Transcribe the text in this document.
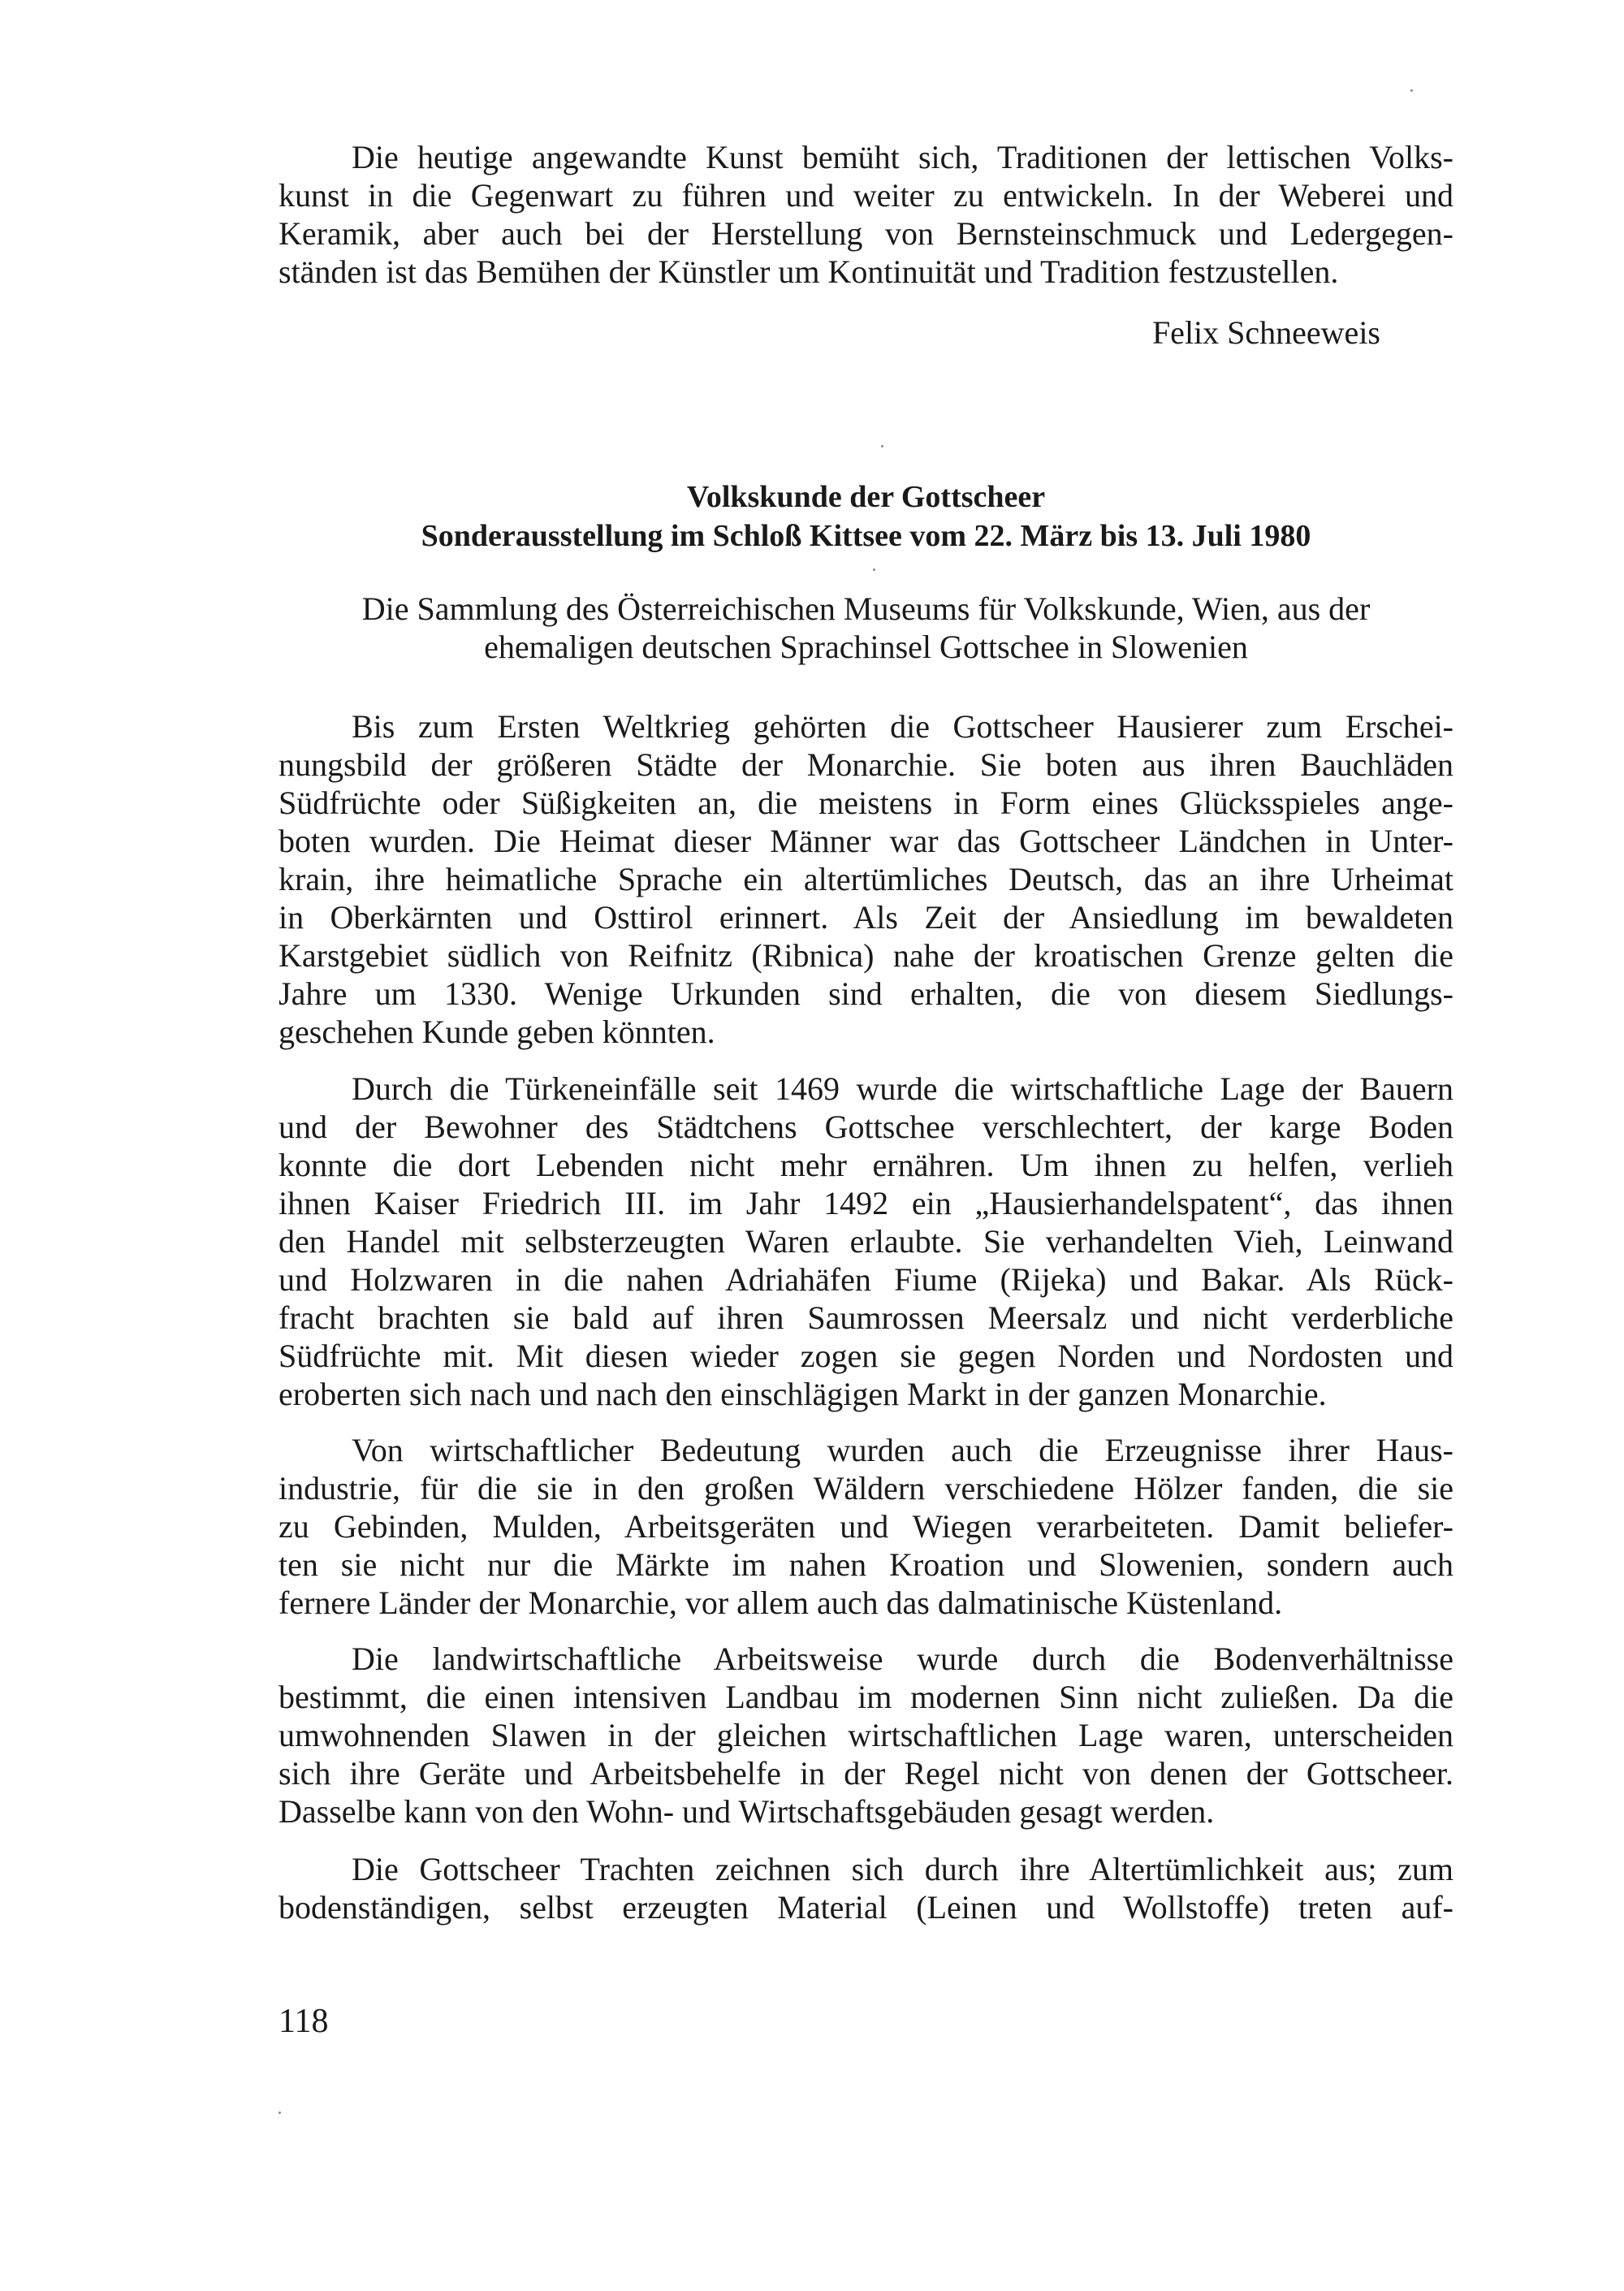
Die heutige angewandte Kunst bemüht sich, Traditionen der lettischen Volks-
kunst in die Gegenwart zu führen und weiter zu entwickeln. In der Weberei und
Keramik, aber auch bei der Herstellung von Bernsteinschmuck und Ledergegen-
ständen ist das Bemühen der Künstler um Kontinuität und Tradition festzustellen.
Felix Schneeweis
Volkskunde der Gottscheer
Sonderausstellung im Schloß Kittsee vom 22. März bis 13. Juli 1980
Die Sammlung des Österreichischen Museums für Volkskunde, Wien, aus der
ehemaligen deutschen Sprachinsel Gottschee in Slowenien
Bis zum Ersten Weltkrieg gehörten die Gottscheer Hausierer zum Erschei-
nungsbild der größeren Städte der Monarchie. Sie boten aus ihren Bauchläden
Südfrüchte oder Süßigkeiten an, die meistens in Form eines Glücksspieles ange-
boten wurden. Die Heimat dieser Männer war das Gottscheer Ländchen in Unter-
krain, ihre heimatliche Sprache ein altertümliches Deutsch, das an ihre Urheimat
in Oberkärnten und Osttirol erinnert. Als Zeit der Ansiedlung im bewaldeten
Karstgebiet südlich von Reifnitz (Ribnica) nahe der kroatischen Grenze gelten die
Jahre um 1330. Wenige Urkunden sind erhalten, die von diesem Siedlungs-
geschehen Kunde geben könnten.
Durch die Türkeneinfälle seit 1469 wurde die wirtschaftliche Lage der Bauern
und der Bewohner des Städtchens Gottschee verschlechtert, der karge Boden
konnte die dort Lebenden nicht mehr ernähren. Um ihnen zu helfen, verlieh
ihnen Kaiser Friedrich III. im Jahr 1492 ein „Hausierhandelspatent“, das ihnen
den Handel mit selbsterzeugten Waren erlaubte. Sie verhandelten Vieh, Leinwand
und Holzwaren in die nahen Adriahäfen Fiume (Rijeka) und Bakar. Als Rück-
fracht brachten sie bald auf ihren Saumrossen Meersalz und nicht verderbliche
Südfrüchte mit. Mit diesen wieder zogen sie gegen Norden und Nordosten und
eroberten sich nach und nach den einschlägigen Markt in der ganzen Monarchie.
Von wirtschaftlicher Bedeutung wurden auch die Erzeugnisse ihrer Haus-
industrie, für die sie in den großen Wäldern verschiedene Hölzer fanden, die sie
zu Gebinden, Mulden, Arbeitsgeräten und Wiegen verarbeiteten. Damit beliefer-
ten sie nicht nur die Märkte im nahen Kroation und Slowenien, sondern auch
fernere Länder der Monarchie, vor allem auch das dalmatinische Küstenland.
Die landwirtschaftliche Arbeitsweise wurde durch die Bodenverhältnisse
bestimmt, die einen intensiven Landbau im modernen Sinn nicht zuließen. Da die
umwohnenden Slawen in der gleichen wirtschaftlichen Lage waren, unterscheiden
sich ihre Geräte und Arbeitsbehelfe in der Regel nicht von denen der Gottscheer.
Dasselbe kann von den Wohn- und Wirtschaftsgebäuden gesagt werden.
Die Gottscheer Trachten zeichnen sich durch ihre Altertümlichkeit aus; zum
bodenständigen, selbst erzeugten Material (Leinen und Wollstoffe) treten auf-
118
